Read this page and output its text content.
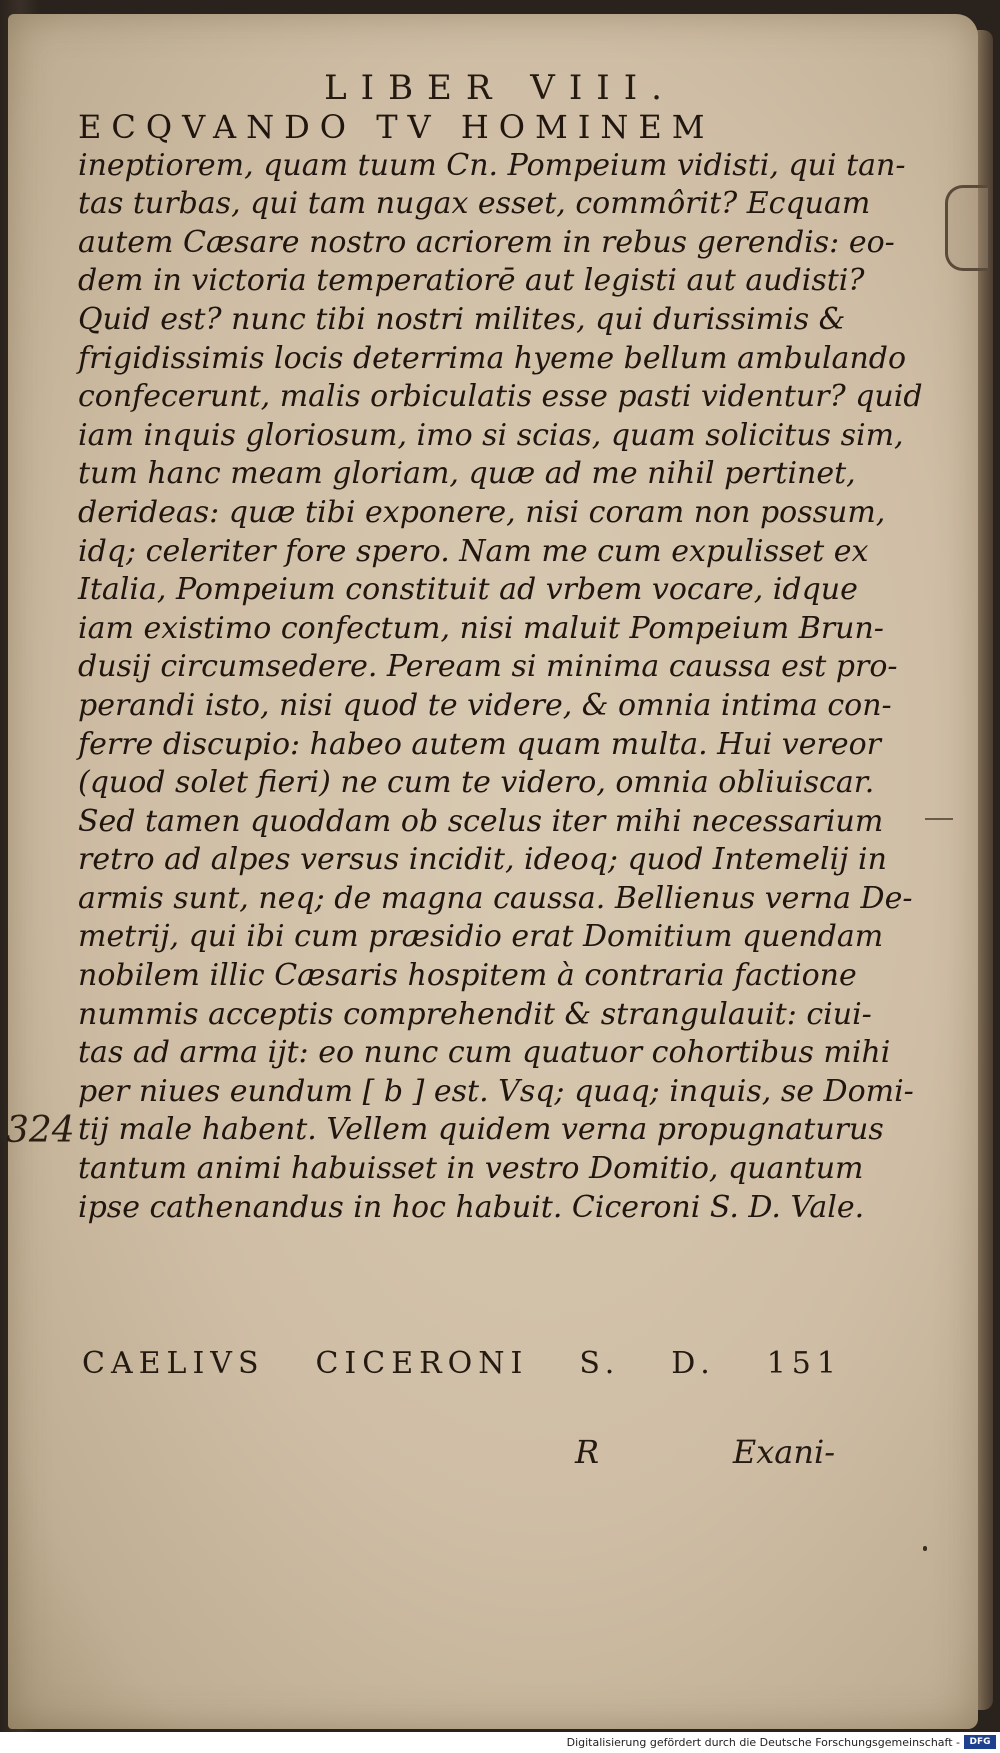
LIBER VIII.
ECQVANDO TV HOMINEM
ineptiorem, quam tuum Cn. Pompeium vidisti, qui tan-
tas turbas, qui tam nugax esset, commôrit? Ecquam
autem Cæsare nostro acriorem in rebus gerendis: eo-
dem in victoria temperatiorē aut legisti aut audisti?
Quid est? nunc tibi nostri milites, qui durissimis &
frigidissimis locis deterrima hyeme bellum ambulando
confecerunt, malis orbiculatis esse pasti videntur? quid
iam inquis gloriosum, imo si scias, quam solicitus sim,
tum hanc meam gloriam, quæ ad me nihil pertinet,
derideas: quæ tibi exponere, nisi coram non possum,
idq; celeriter fore spero. Nam me cum expulisset ex
Italia, Pompeium constituit ad vrbem vocare, idque
iam existimo confectum, nisi maluit Pompeium Brun-
dusij circumsedere. Peream si minima caussa est pro-
perandi isto, nisi quod te videre, & omnia intima con-
ferre discupio: habeo autem quam multa. Hui vereor
(quod solet fieri) ne cum te videro, omnia obliuiscar.
Sed tamen quoddam ob scelus iter mihi necessarium
retro ad alpes versus incidit, ideoq; quod Intemelij in
armis sunt, neq; de magna caussa. Bellienus verna De-
metrij, qui ibi cum præsidio erat Domitium quendam
nobilem illic Cæsaris hospitem à contraria factione
nummis acceptis comprehendit & strangulauit: ciui-
tas ad arma ijt: eo nunc cum quatuor cohortibus mihi
per niues eundum [ b ] est. Vsq; quaq; inquis, se Domi-
tij male habent. Vellem quidem verna propugnaturus
tantum animi habuisset in vestro Domitio, quantum
ipse cathenandus in hoc habuit. Ciceroni S. D. Vale.
324
CAELIVS CICERONI S. D. 151
R	Exani-
Digitalisierung gefördert durch die Deutsche Forschungsgemeinschaft -	DFG
